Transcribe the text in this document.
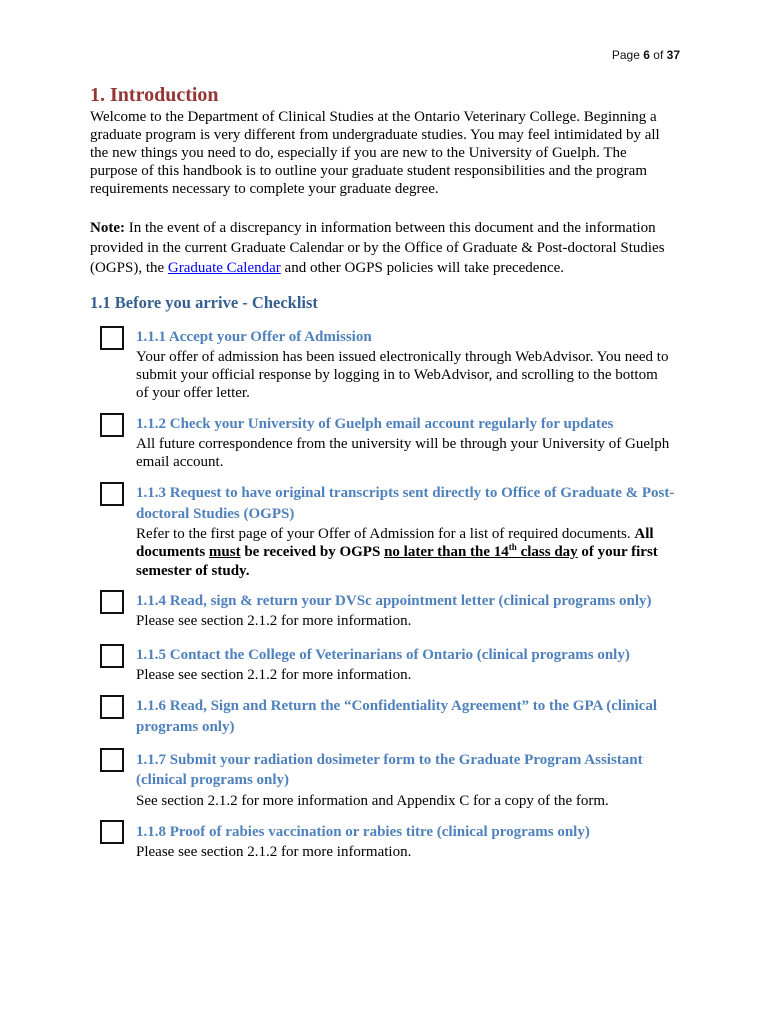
Page 6 of 37
1. Introduction
Welcome to the Department of Clinical Studies at the Ontario Veterinary College. Beginning a
graduate program is very different from undergraduate studies. You may feel intimidated by all
the new things you need to do, especially if you are new to the University of Guelph. The
purpose of this handbook is to outline your graduate student responsibilities and the program
requirements necessary to complete your graduate degree.
Note: In the event of a discrepancy in information between this document and the information
provided in the current Graduate Calendar or by the Office of Graduate & Post-doctoral Studies
(OGPS), the Graduate Calendar and other OGPS policies will take precedence.
1.1 Before you arrive - Checklist
1.1.1 Accept your Offer of Admission
Your offer of admission has been issued electronically through WebAdvisor. You need to
submit your official response by logging in to WebAdvisor, and scrolling to the bottom
of your offer letter.
1.1.2 Check your University of Guelph email account regularly for updates
All future correspondence from the university will be through your University of Guelph
email account.
1.1.3 Request to have original transcripts sent directly to Office of Graduate & Post-
doctoral Studies (OGPS)
Refer to the first page of your Offer of Admission for a list of required documents. All
documents must be received by OGPS no later than the 14th class day of your first
semester of study.
1.1.4 Read, sign & return your DVSc appointment letter (clinical programs only)
Please see section 2.1.2 for more information.
1.1.5 Contact the College of Veterinarians of Ontario (clinical programs only)
Please see section 2.1.2 for more information.
1.1.6 Read, Sign and Return the “Confidentiality Agreement” to the GPA (clinical
programs only)
1.1.7 Submit your radiation dosimeter form to the Graduate Program Assistant
(clinical programs only)
See section 2.1.2 for more information and Appendix C for a copy of the form.
1.1.8 Proof of rabies vaccination or rabies titre (clinical programs only)
Please see section 2.1.2 for more information.
